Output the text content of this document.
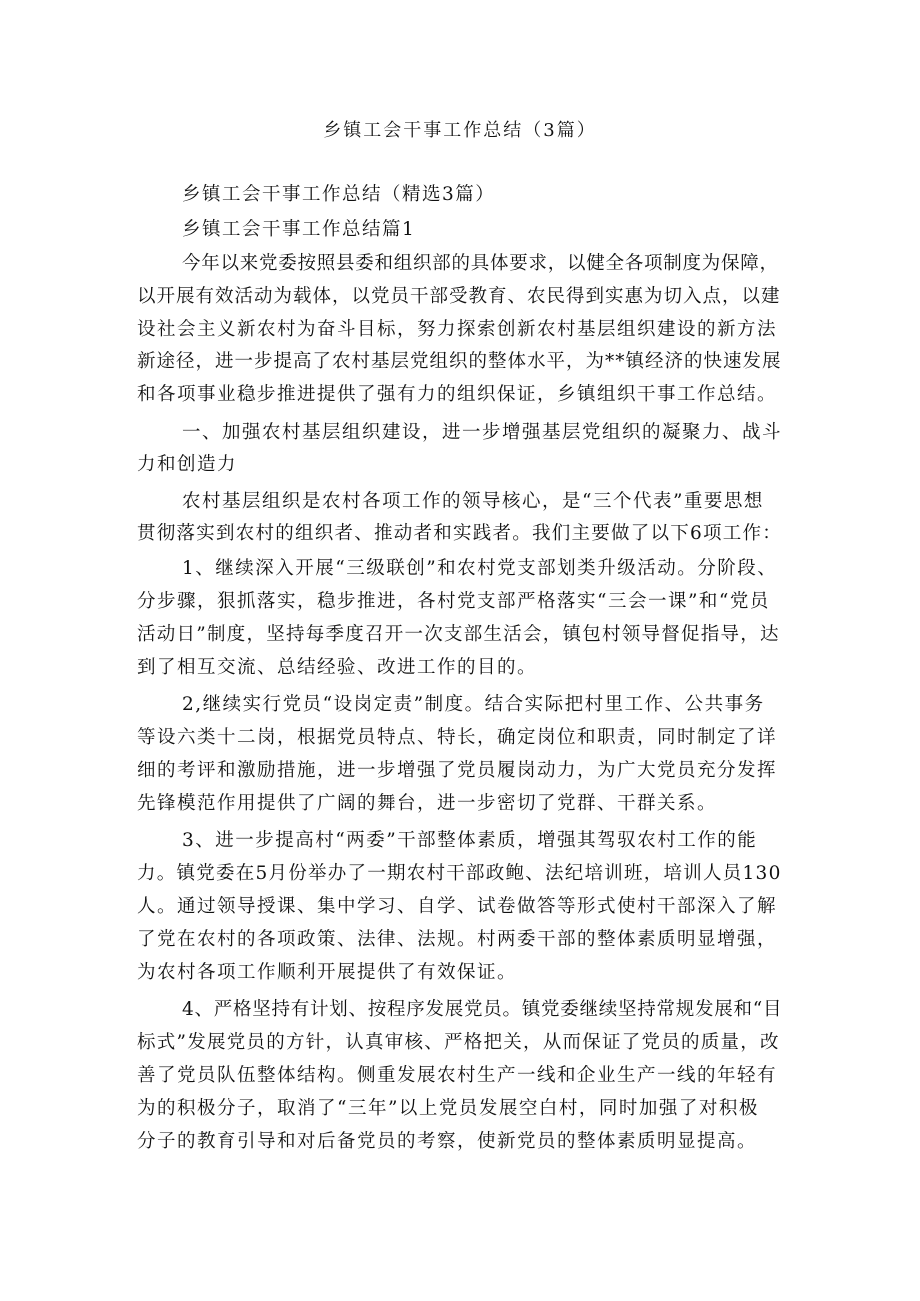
乡镇工会干事工作总结（3篇）
乡镇工会干事工作总结（精选3篇）
乡镇工会干事工作总结篇1
今年以来党委按照县委和组织部的具体要求，以健全各项制度为保障，
以开展有效活动为载体，以党员干部受教育、农民得到实惠为切入点，以建
设社会主义新农村为奋斗目标，努力探索创新农村基层组织建设的新方法
新途径，进一步提高了农村基层党组织的整体水平，为**镇经济的快速发展
和各项事业稳步推进提供了强有力的组织保证，乡镇组织干事工作总结。
一、加强农村基层组织建设，进一步增强基层党组织的凝聚力、战斗
力和创造力
农村基层组织是农村各项工作的领导核心，是“三个代表”重要思想
贯彻落实到农村的组织者、推动者和实践者。我们主要做了以下6项工作：
1、继续深入开展“三级联创”和农村党支部划类升级活动。分阶段、
分步骤，狠抓落实，稳步推进，各村党支部严格落实“三会一课”和“党员
活动日”制度，坚持每季度召开一次支部生活会，镇包村领导督促指导，达
到了相互交流、总结经验、改进工作的目的。
2,继续实行党员“设岗定责”制度。结合实际把村里工作、公共事务
等设六类十二岗，根据党员特点、特长，确定岗位和职责，同时制定了详
细的考评和激励措施，进一步增强了党员履岗动力，为广大党员充分发挥
先锋模范作用提供了广阔的舞台，进一步密切了党群、干群关系。
3、进一步提高村“两委”干部整体素质，增强其驾驭农村工作的能
力。镇党委在5月份举办了一期农村干部政鲍、法纪培训班，培训人员130
人。通过领导授课、集中学习、自学、试卷做答等形式使村干部深入了解
了党在农村的各项政策、法律、法规。村两委干部的整体素质明显增强，
为农村各项工作顺利开展提供了有效保证。
4、严格坚持有计划、按程序发展党员。镇党委继续坚持常规发展和“目
标式”发展党员的方针，认真审核、严格把关，从而保证了党员的质量，改
善了党员队伍整体结构。侧重发展农村生产一线和企业生产一线的年轻有
为的积极分子，取消了“三年”以上党员发展空白村，同时加强了对积极
分子的教育引导和对后备党员的考察，使新党员的整体素质明显提高。
